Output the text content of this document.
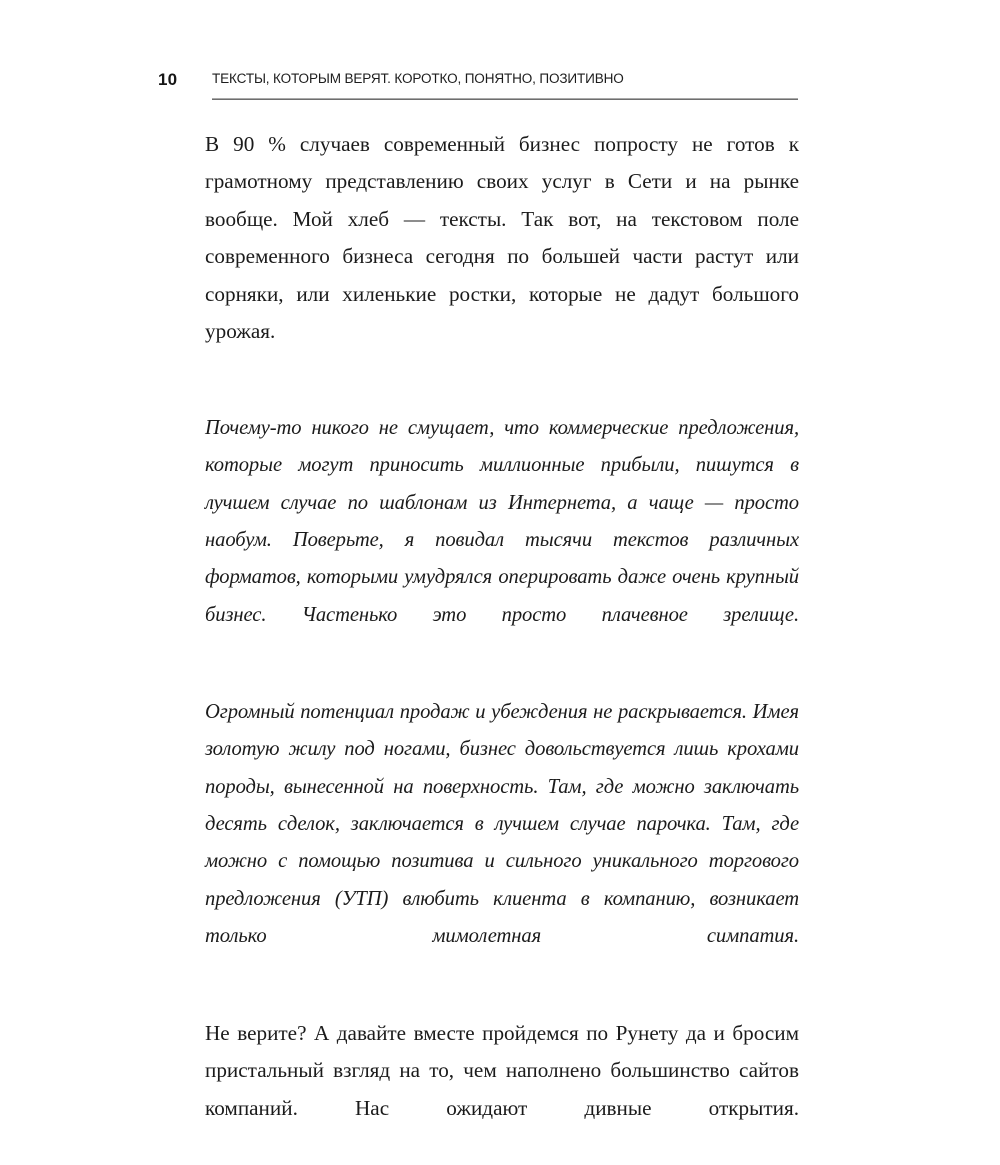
10	ТЕКСТЫ, КОТОРЫМ ВЕРЯТ. КОРОТКО, ПОНЯТНО, ПОЗИТИВНО

В 90 % случаев современный бизнес попросту не готов к грамотному представлению своих услуг в Сети и на рынке вообще. Мой хлеб — тексты. Так вот, на текстовом поле современного бизнеса сегодня по большей части растут или сорняки, или хиленькие ростки, которые не дадут большого урожая.

Почему-то никого не смущает, что коммерческие предложения, которые могут приносить миллионные прибыли, пишутся в лучшем случае по шаблонам из Интернета, а чаще — просто наобум. Поверьте, я повидал тысячи текстов различных форматов, которыми умудрялся оперировать даже очень крупный бизнес. Частенько это просто плачевное зрелище.

Огромный потенциал продаж и убеждения не раскрывается. Имея золотую жилу под ногами, бизнес довольствуется лишь крохами породы, вынесенной на поверхность. Там, где можно заключать десять сделок, заключается в лучшем случае парочка. Там, где можно с помощью позитива и сильного уникального торгового предложения (УТП) влюбить клиента в компанию, возникает только мимолетная симпатия.

Не верите? А давайте вместе пройдемся по Рунету да и бросим пристальный взгляд на то, чем наполнено большинство сайтов компаний. Нас ожидают дивные открытия.
